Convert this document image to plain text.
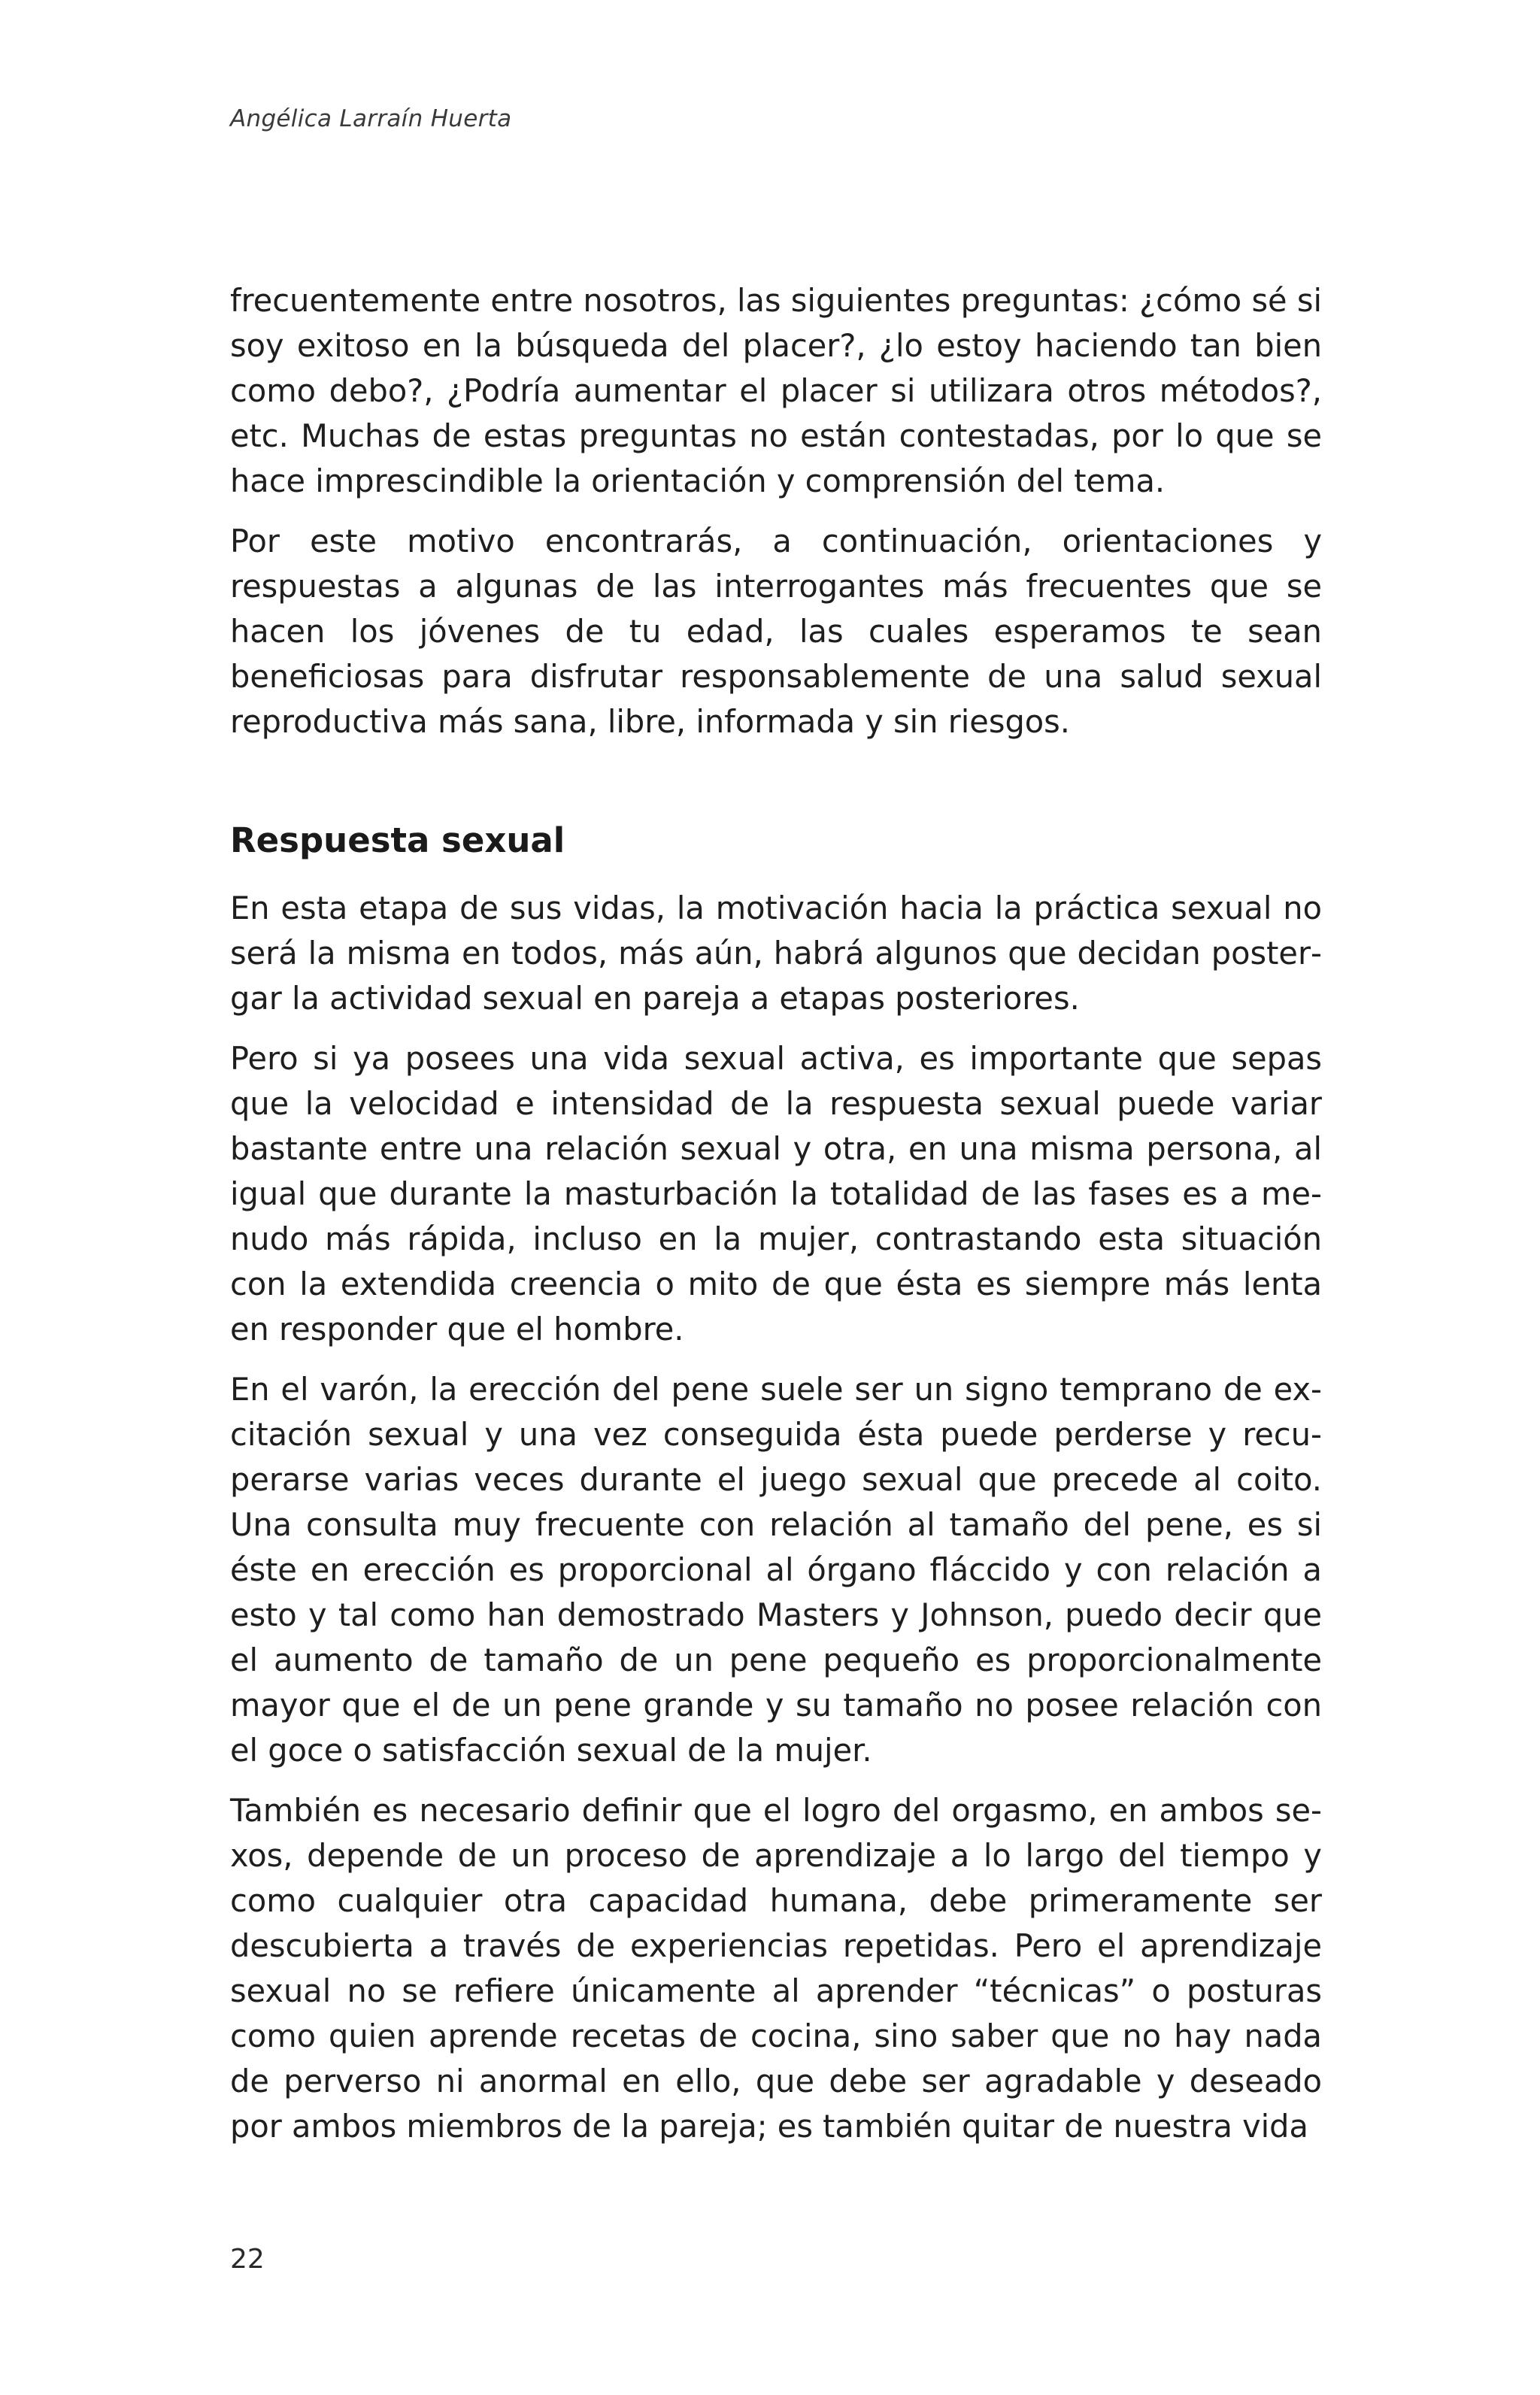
Angélica Larraín Huerta

frecuentemente entre nosotros, las siguientes preguntas: ¿cómo sé si soy exitoso en la búsqueda del placer?, ¿lo estoy haciendo tan bien como debo?, ¿Podría aumentar el placer si utilizara otros métodos?, etc. Muchas de estas preguntas no están contestadas, por lo que se hace imprescindible la orientación y comprensión del tema.

Por este motivo encontrarás, a continuación, orientaciones y respuestas a algunas de las interrogantes más frecuentes que se hacen los jóvenes de tu edad, las cuales esperamos te sean beneficiosas para disfrutar responsablemente de una salud sexual reproductiva más sana, libre, informada y sin riesgos.

Respuesta sexual

En esta etapa de sus vidas, la motivación hacia la práctica sexual no será la misma en todos, más aún, habrá algunos que decidan postergar la actividad sexual en pareja a etapas posteriores.

Pero si ya posees una vida sexual activa, es importante que sepas que la velocidad e intensidad de la respuesta sexual puede variar bastante entre una relación sexual y otra, en una misma persona, al igual que durante la masturbación la totalidad de las fases es a menudo más rápida, incluso en la mujer, contrastando esta situación con la extendida creencia o mito de que ésta es siempre más lenta en responder que el hombre.

En el varón, la erección del pene suele ser un signo temprano de excitación sexual y una vez conseguida ésta puede perderse y recuperarse varias veces durante el juego sexual que precede al coito. Una consulta muy frecuente con relación al tamaño del pene, es si éste en erección es proporcional al órgano fláccido y con relación a esto y tal como han demostrado Masters y Johnson, puedo decir que el aumento de tamaño de un pene pequeño es proporcionalmente mayor que el de un pene grande y su tamaño no posee relación con el goce o satisfacción sexual de la mujer.

También es necesario definir que el logro del orgasmo, en ambos sexos, depende de un proceso de aprendizaje a lo largo del tiempo y como cualquier otra capacidad humana, debe primeramente ser descubierta a través de experiencias repetidas. Pero el aprendizaje sexual no se refiere únicamente al aprender “técnicas” o posturas como quien aprende recetas de cocina, sino saber que no hay nada de perverso ni anormal en ello, que debe ser agradable y deseado por ambos miembros de la pareja; es también quitar de nuestra vida

22
